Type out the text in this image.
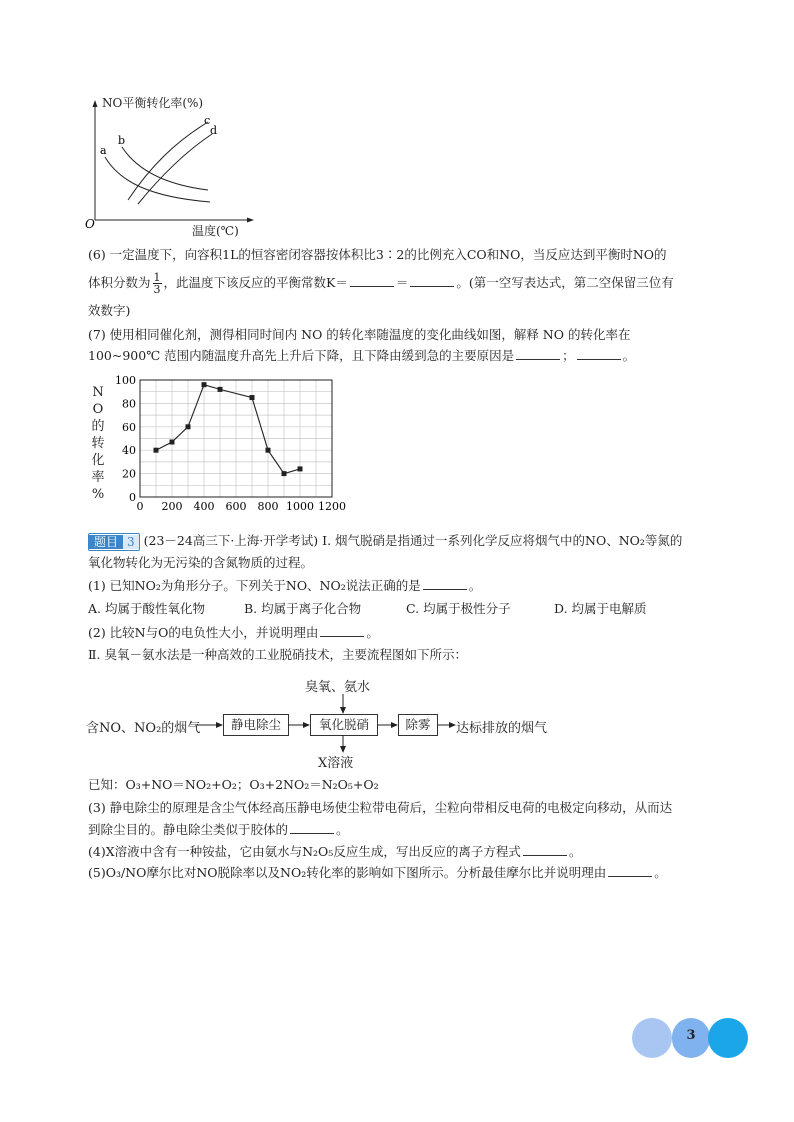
a
b
c
d
O
NO平衡转化率(%)
温度(℃)
(6) 一定温度下，向容积1L的恒容密闭容器按体积比3∶2的比例充入CO和NO，当反应达到平衡时NO的
体积分数为 $\frac{1}{3}$ ，此温度下该反应的平衡常数K＝	＝	。(第一空写表达式，第二空保留三位有
效数字)
(7) 使用相同催化剂，测得相同时间内 NO 的转化率随温度的变化曲线如图，解释 NO 的转化率在
100~900℃ 范围内随温度升高先上升后下降，且下降由缓到急的主要原因是	；	。
N
O
的
转
化
率
%
0 200 400 600 800 1000 1200
0
20
40
60
80
100
题目 3 (23－24高三下·上海·开学考试) Ⅰ. 烟气脱硝是指通过一系列化学反应将烟气中的NO、NO₂等氮的
氧化物转化为无污染的含氮物质的过程。
(1) 已知NO₂为角形分子。下列关于NO、NO₂说法正确的是	。
A. 均属于酸性氧化物	B. 均属于离子化合物	C. 均属于极性分子	D. 均属于电解质
(2) 比较N与O的电负性大小，并说明理由	。
Ⅱ. 臭氧－氨水法是一种高效的工业脱硝技术，主要流程图如下所示：
臭氧、氨水
含NO、NO₂的烟气	静电除尘	氧化脱硝	除雾	达标排放的烟气
X溶液
已知：O₃+NO＝NO₂+O₂；O₃+2NO₂＝N₂O₅+O₂
(3) 静电除尘的原理是含尘气体经高压静电场使尘粒带电荷后，尘粒向带相反电荷的电极定向移动，从而达
到除尘目的。静电除尘类似于胶体的	。
(4)X溶液中含有一种铵盐，它由氨水与N₂O₅反应生成，写出反应的离子方程式	。
(5)O₃/NO摩尔比对NO脱除率以及NO₂转化率的影响如下图所示。分析最佳摩尔比并说明理由	。
3
